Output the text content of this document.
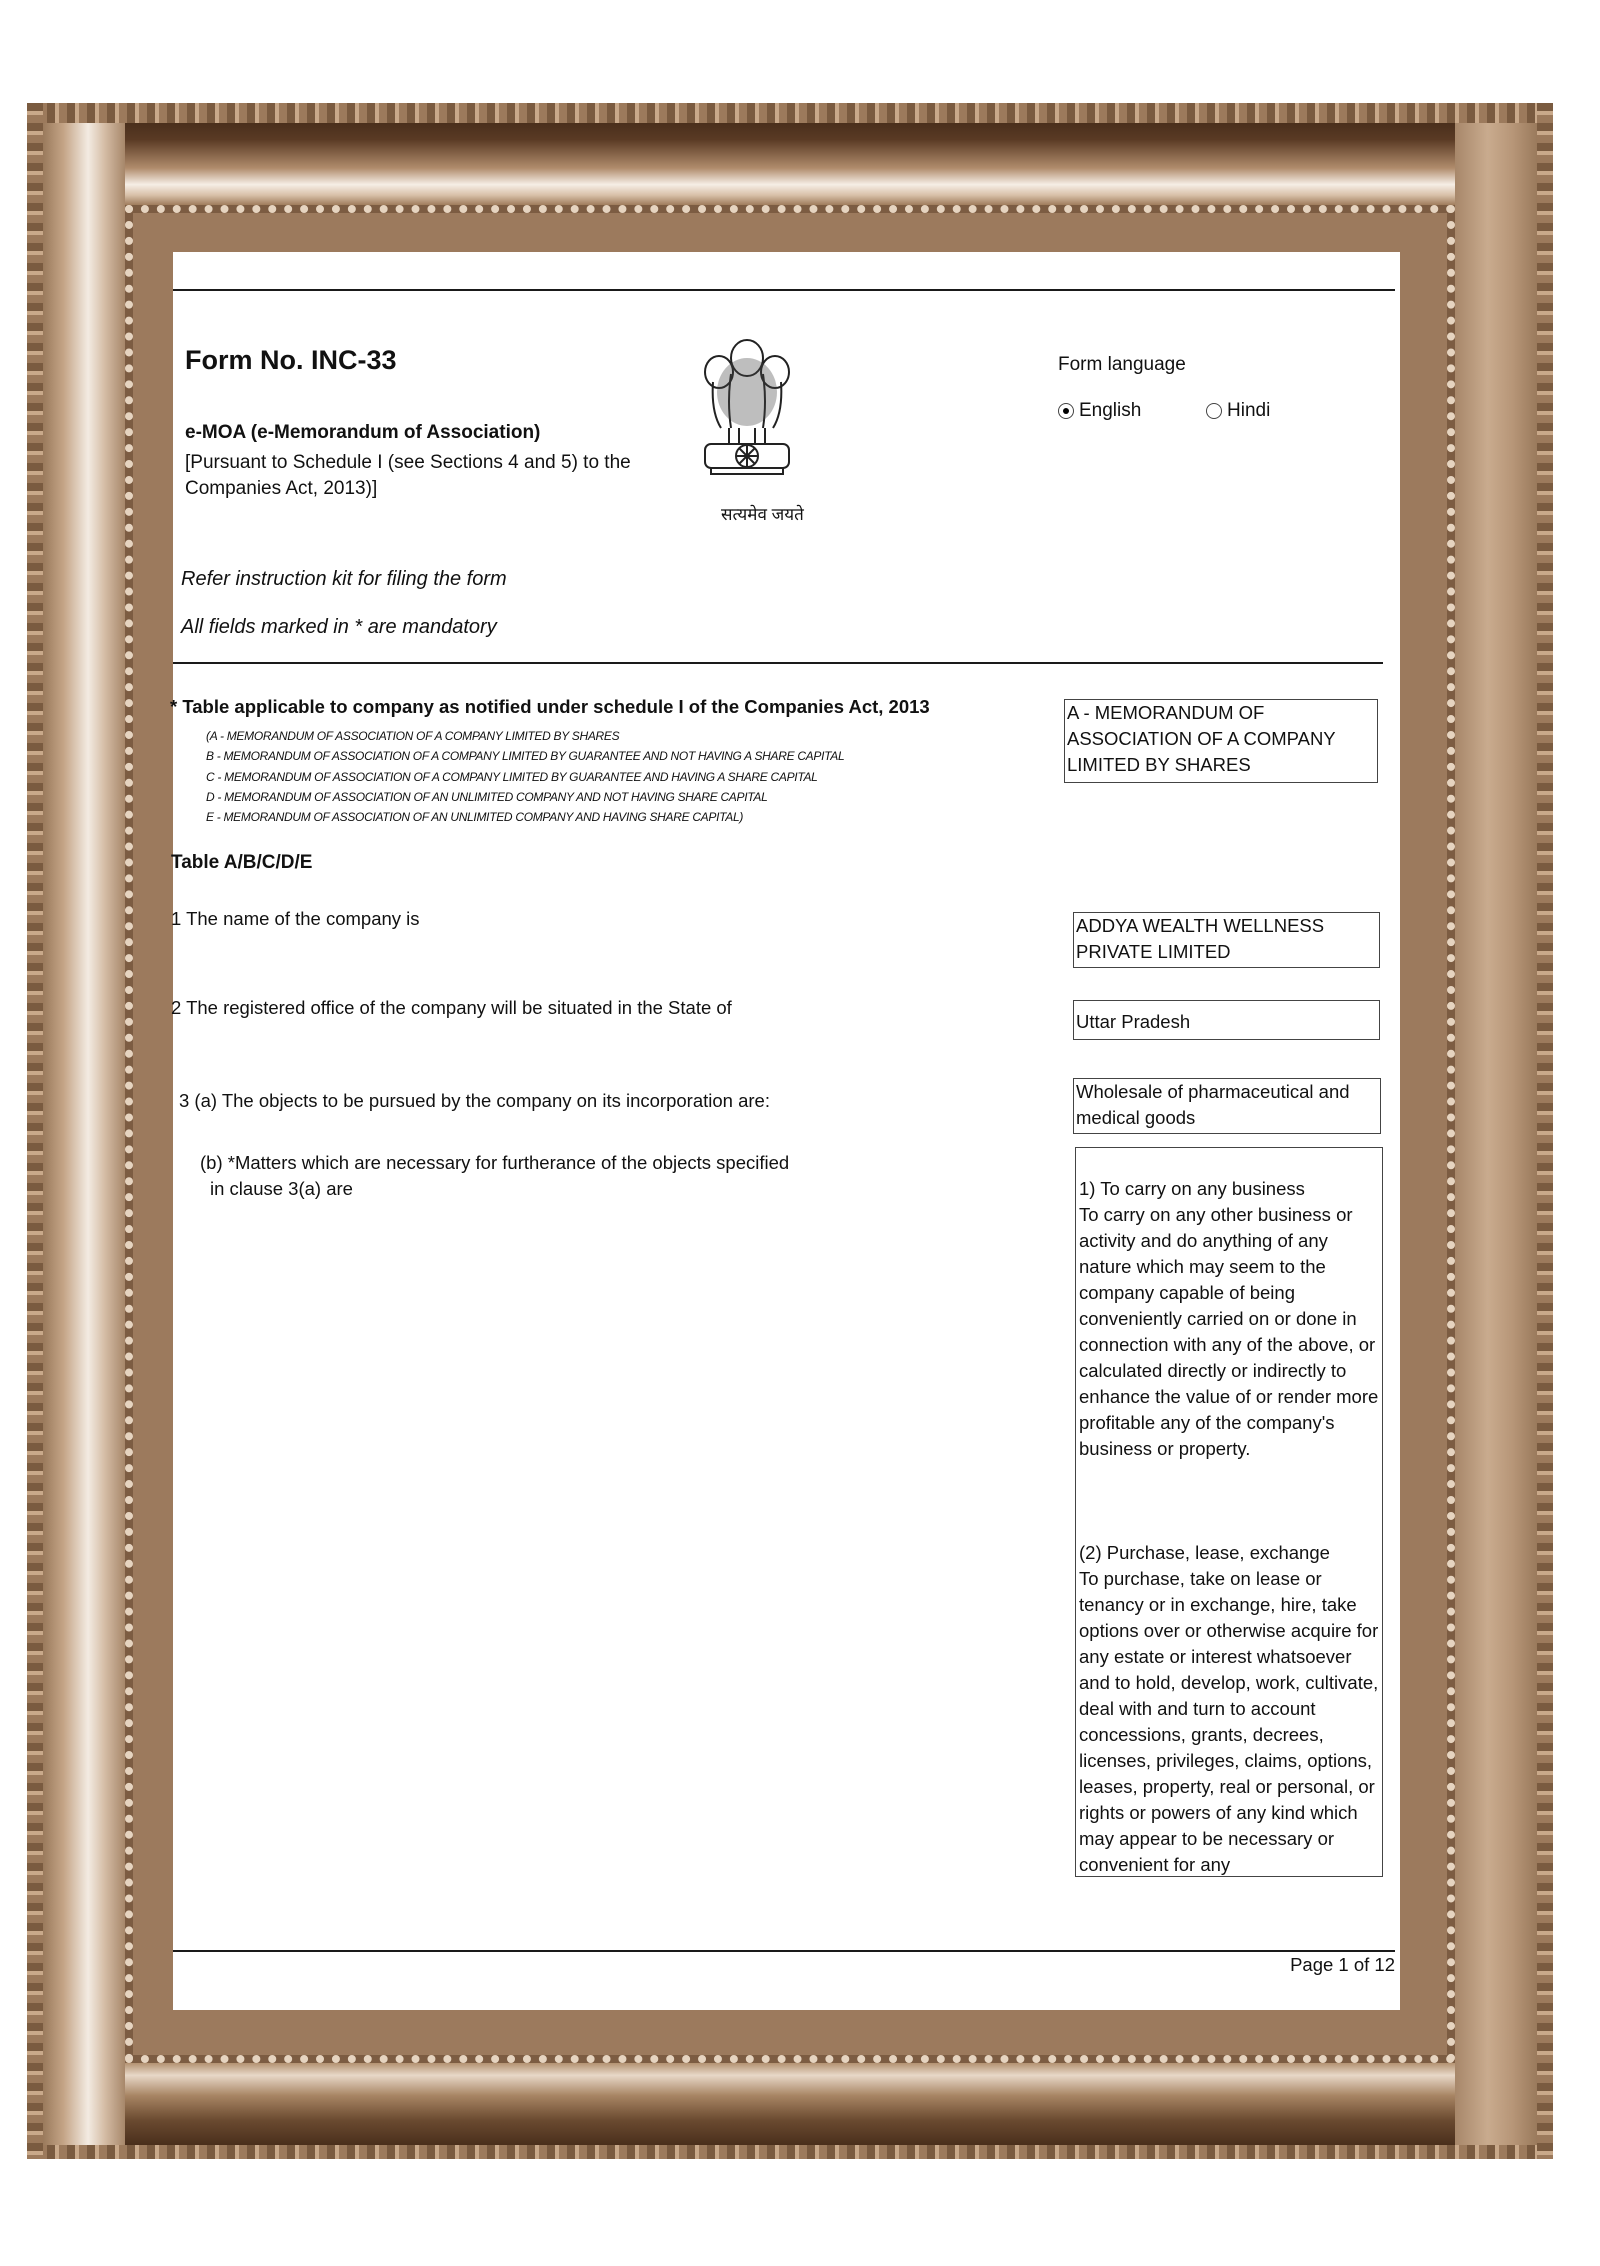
Form No. INC-33
e-MOA (e-Memorandum of Association)
[Pursuant to Schedule I (see Sections 4 and 5) to the Companies Act, 2013)]
सत्यमेव जयते
Form language
English	Hindi
Refer instruction kit for filing the form
All fields marked in * are mandatory
* Table applicable to company as notified under schedule I of the Companies Act, 2013
(A - MEMORANDUM OF ASSOCIATION OF A COMPANY LIMITED BY SHARES
B - MEMORANDUM OF ASSOCIATION OF A COMPANY LIMITED BY GUARANTEE AND NOT HAVING A SHARE CAPITAL
C - MEMORANDUM OF ASSOCIATION OF A COMPANY LIMITED BY GUARANTEE AND HAVING A SHARE CAPITAL
D - MEMORANDUM OF ASSOCIATION OF AN UNLIMITED COMPANY AND NOT HAVING SHARE CAPITAL
E - MEMORANDUM OF ASSOCIATION OF AN UNLIMITED COMPANY AND HAVING SHARE CAPITAL)
A - MEMORANDUM OF ASSOCIATION OF A COMPANY LIMITED BY SHARES
Table A/B/C/D/E
1 The name of the company is	ADDYA WEALTH WELLNESS PRIVATE LIMITED
2 The registered office of the company will be situated in the State of
Uttar Pradesh
3 (a) The objects to be pursued by the company on its incorporation are:	Wholesale of pharmaceutical and medical goods
(b) *Matters which are necessary for furtherance of the objects specified
in clause 3(a) are	1) To carry on any business
To carry on any other business or activity and do anything of any nature which may seem to the company capable of being conveniently carried on or done in connection with any of the above, or calculated directly or indirectly to enhance the value of or render more profitable any of the company's business or property.

(2) Purchase, lease, exchange
To purchase, take on lease or tenancy or in exchange, hire, take options over or otherwise acquire for any estate or interest whatsoever and to hold, develop, work, cultivate, deal with and turn to account concessions, grants, decrees, licenses, privileges, claims, options, leases, property, real or personal, or rights or powers of any kind which may appear to be necessary or convenient for any

Page 1 of 12
